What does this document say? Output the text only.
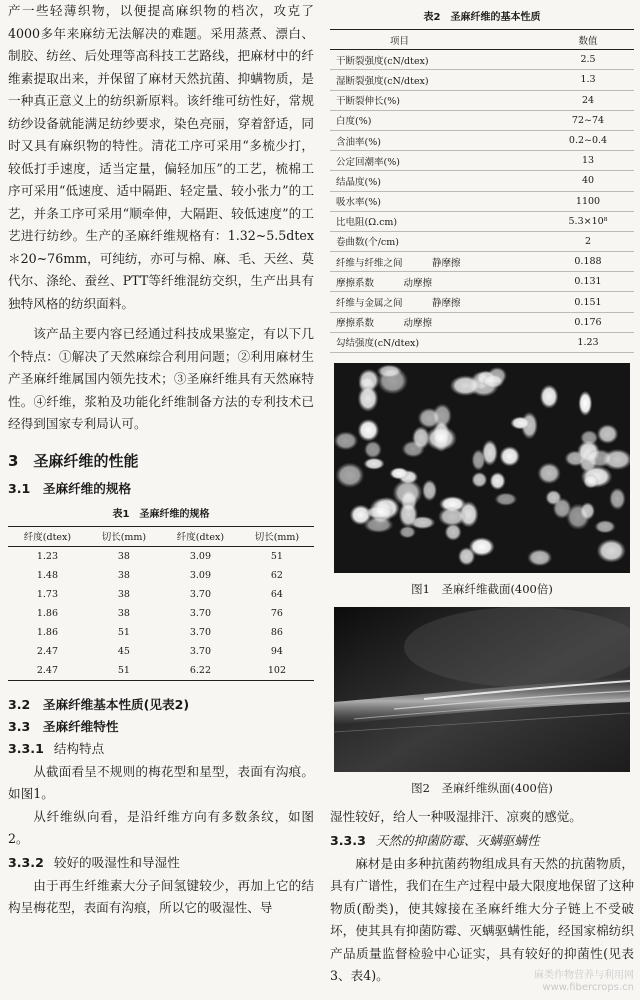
产一些轻薄织物，以便提高麻织物的档次，攻克了4000多年来麻纺无法解决的难题。采用蒸煮、漂白、制胶、纺丝、后处理等高科技工艺路线，把麻材中的纤维素提取出来，并保留了麻材天然抗菌、抑螨物质，是一种真正意义上的纺织新原料。该纤维可纺性好，常规纺纱设备就能满足纺纱要求，染色亮丽，穿着舒适，同时又具有麻织物的特性。清花工序可采用“多梳少打，较低打手速度，适当定量，偏轻加压”的工艺，梳棉工序可采用“低速度、适中隔距、轻定量、较小张力”的工艺，并条工序可采用“顺牵伸，大隔距、较低速度”的工艺进行纺纱。生产的圣麻纤维规格有：1.32~5.5dtex＊20~76mm，可纯纺，亦可与棉、麻、毛、天丝、莫代尔、涤纶、蚕丝、PTT等纤维混纺交织，生产出具有独特风格的纺织面料。

该产品主要内容已经通过科技成果鉴定，有以下几个特点：①解决了天然麻综合利用问题；②利用麻材生产圣麻纤维属国内领先技术；③圣麻纤维具有天然麻特性。④纤维，浆粕及功能化纤维制备方法的专利技术已经得到国家专利局认可。

3　圣麻纤维的性能
3.1　圣麻纤维的规格
表1　圣麻纤维的规格
纤度(dtex)	切长(mm)	纤度(dtex)	切长(mm)
1.23	38	3.09	51
1.48	38	3.09	62
1.73	38	3.70	64
1.86	38	3.70	76
1.86	51	3.70	86
2.47	45	3.70	94
2.47	51	6.22	102
3.2　圣麻纤维基本性质(见表2)
3.3　圣麻纤维特性
3.3.1 结构特点

从截面看呈不规则的梅花型和星型，表面有沟痕。如图1。

从纤维纵向看，是沿纤维方向有多数条纹，如图2。

3.3.2 较好的吸湿性和导湿性

由于再生纤维素大分子间氢键较少，再加上它的结构呈梅花型，表面有沟痕，所以它的吸湿性、导

表2　圣麻纤维的基本性质
项目	数值
干断裂强度(cN/dtex)	2.5
湿断裂强度(cN/dtex)	1.3
干断裂伸长(%)	24
白度(%)	72~74
含油率(%)	0.2~0.4
公定回潮率(%)	13
结晶度(%)	40
吸水率(%)	1100
比电阻(Ω.cm)	5.3×10⁸
卷曲数(个/cm)	2
纤维与纤维之间 静摩擦	0.188
摩擦系数 动摩擦	0.131
纤维与金属之间 静摩擦	0.151
摩擦系数 动摩擦	0.176
勾结强度(cN/dtex)	1.23
图1　圣麻纤维截面(400倍)
图2　圣麻纤维纵面(400倍)

湿性较好，给人一种吸湿排汗、凉爽的感觉。

3.3.3 天然的抑菌防霉、灭螨驱螨性

麻材是由多种抗菌药物组成具有天然的抗菌物质，具有广谱性，我们在生产过程中最大限度地保留了这种物质(酚类)，使其嫁接在圣麻纤维大分子链上不受破坏，使其具有抑菌防霉、灭螨驱螨性能，经国家棉纺织产品质量监督检验中心证实，具有较好的抑菌性(见表3、表4)。	麻类作物营养与利用网
www.fibercrops.cn
